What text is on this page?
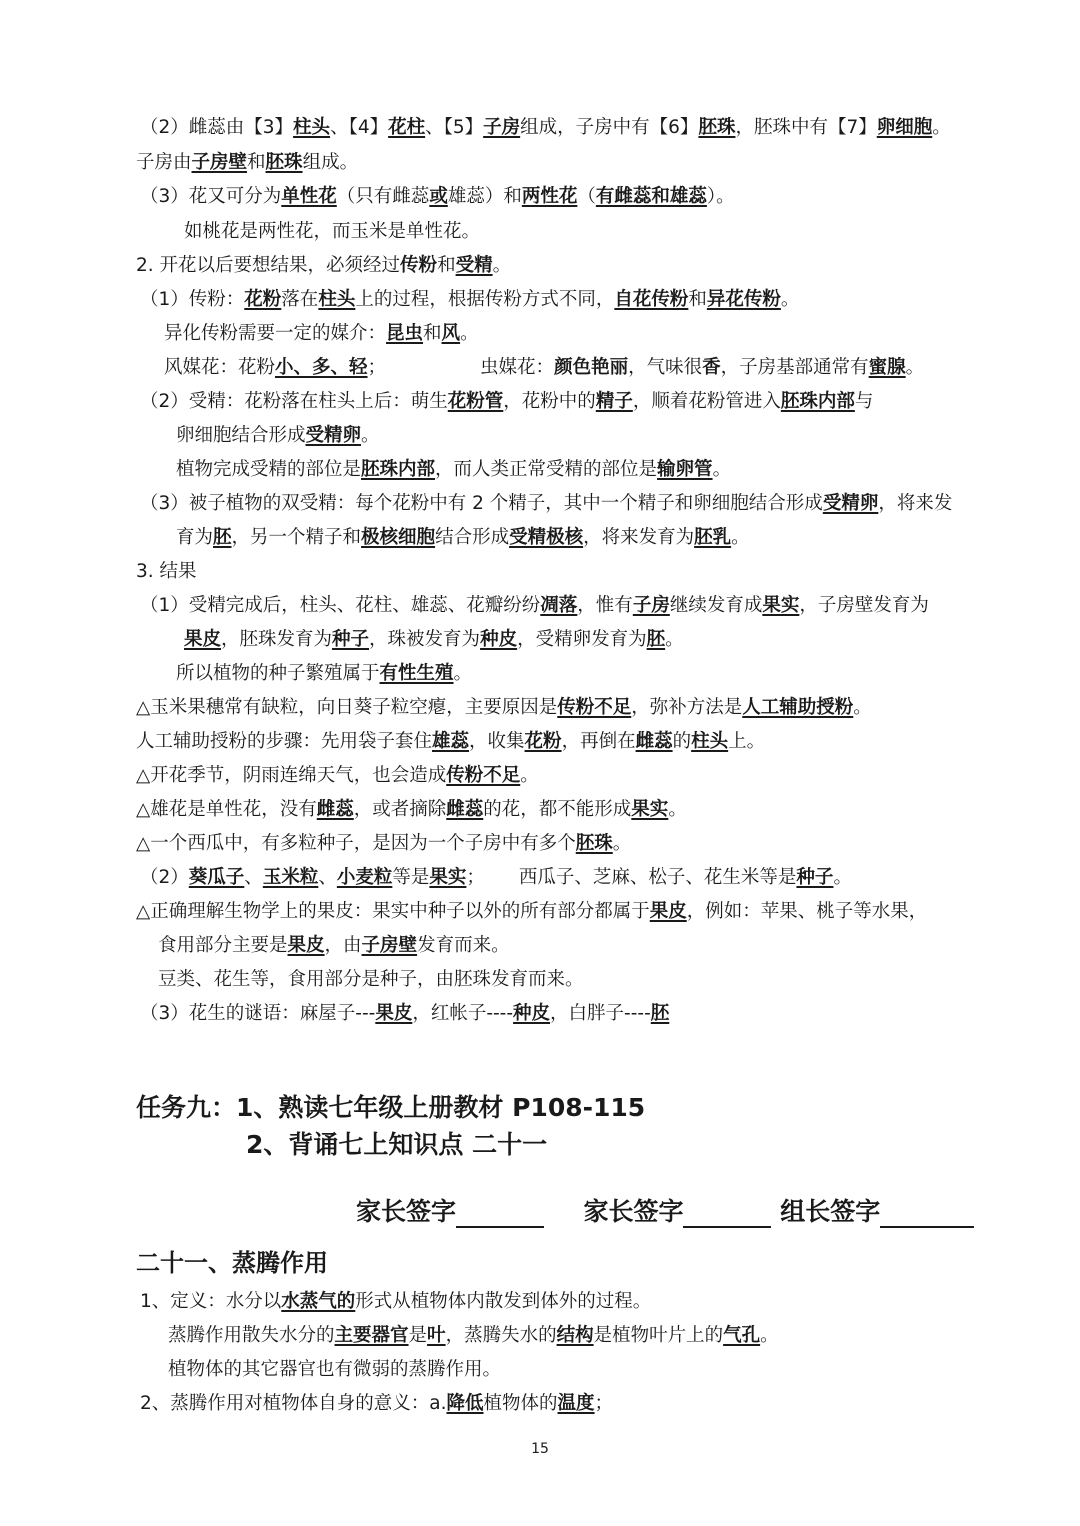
（2）雌蕊由【3】柱头、【4】花柱、【5】子房组成，子房中有【6】胚珠，胚珠中有【7】卵细胞。
子房由子房壁和胚珠组成。
（3）花又可分为单性花（只有雌蕊或雄蕊）和两性花（有雌蕊和雄蕊）。
如桃花是两性花，而玉米是单性花。
2. 开花以后要想结果，必须经过传粉和受精。
（1）传粉：花粉落在柱头上的过程，根据传粉方式不同，自花传粉和异花传粉。
异化传粉需要一定的媒介：昆虫和风。
风媒花：花粉小、多、轻；	虫媒花：颜色艳丽，气味很香，子房基部通常有蜜腺。
（2）受精：花粉落在柱头上后：萌生花粉管，花粉中的精子，顺着花粉管进入胚珠内部与
卵细胞结合形成受精卵。
植物完成受精的部位是胚珠内部，而人类正常受精的部位是输卵管。
（3）被子植物的双受精：每个花粉中有 2 个精子，其中一个精子和卵细胞结合形成受精卵，将来发
育为胚，另一个精子和极核细胞结合形成受精极核，将来发育为胚乳。
3. 结果
（1）受精完成后，柱头、花柱、雄蕊、花瓣纷纷凋落，惟有子房继续发育成果实，子房壁发育为
果皮，胚珠发育为种子，珠被发育为种皮，受精卵发育为胚。
所以植物的种子繁殖属于有性生殖。
△玉米果穗常有缺粒，向日葵子粒空瘪，主要原因是传粉不足，弥补方法是人工辅助授粉。
人工辅助授粉的步骤：先用袋子套住雄蕊，收集花粉，再倒在雌蕊的柱头上。
△开花季节，阴雨连绵天气，也会造成传粉不足。
△雄花是单性花，没有雌蕊，或者摘除雌蕊的花，都不能形成果实。
△一个西瓜中，有多粒种子，是因为一个子房中有多个胚珠。
（2）葵瓜子、玉米粒、小麦粒等是果实； 西瓜子、芝麻、松子、花生米等是种子。
△正确理解生物学上的果皮：果实中种子以外的所有部分都属于果皮，例如：苹果、桃子等水果，
食用部分主要是果皮，由子房壁发育而来。
豆类、花生等，食用部分是种子，由胚珠发育而来。
（3）花生的谜语：麻屋子---果皮，红帐子----种皮，白胖子----胚
任务九：1、熟读七年级上册教材 P108-115
2、背诵七上知识点 二十一
家长签字	家长签字	组长签字
二十一、蒸腾作用
1、定义：水分以水蒸气的形式从植物体内散发到体外的过程。
蒸腾作用散失水分的主要器官是叶，蒸腾失水的结构是植物叶片上的气孔。
植物体的其它器官也有微弱的蒸腾作用。
2、蒸腾作用对植物体自身的意义：a.降低植物体的温度；
15
